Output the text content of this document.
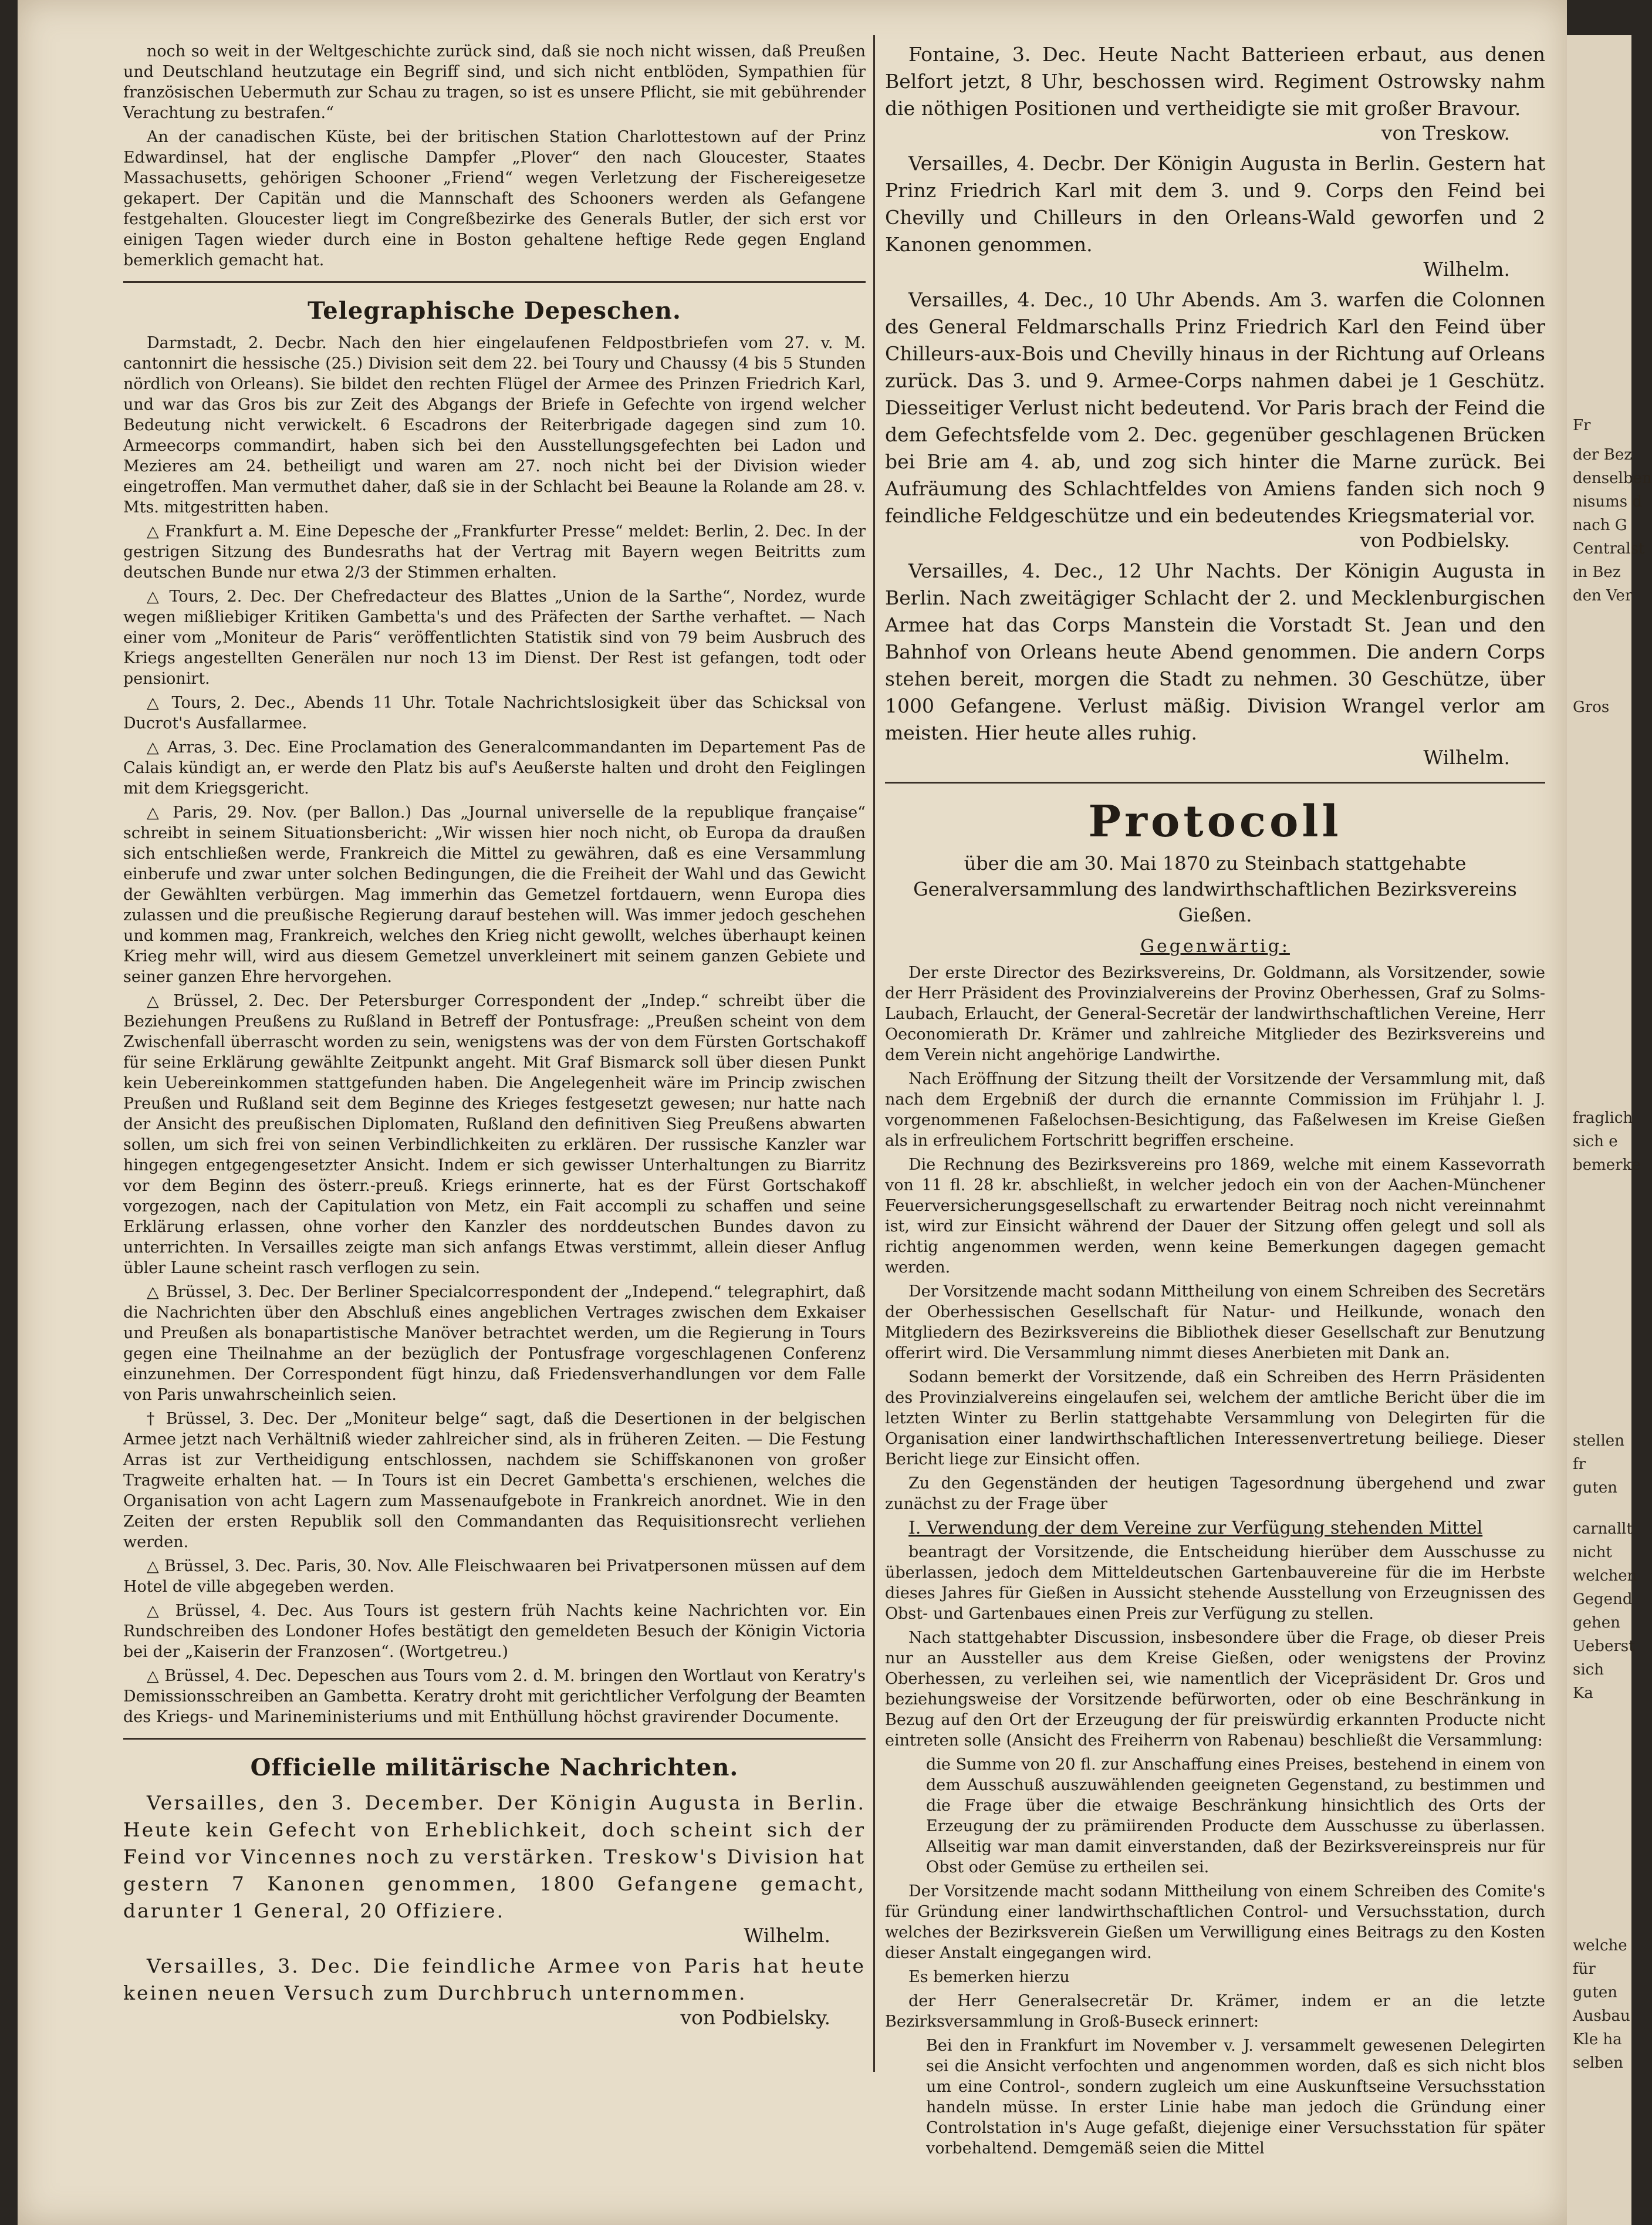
noch so weit in der Weltgeschichte zurück sind, daß sie noch nicht wissen, daß Preußen und Deutschland heutzutage ein Begriff sind, und sich nicht entblöden, Sympathien für französischen Uebermuth zur Schau zu tragen, so ist es unsere Pflicht, sie mit gebührender Verachtung zu bestrafen.“

An der canadischen Küste, bei der britischen Station Charlottestown auf der Prinz Edwardinsel, hat der englische Dampfer „Plover“ den nach Gloucester, Staates Massachusetts, gehörigen Schooner „Friend“ wegen Verletzung der Fischereigesetze gekapert. Der Capitän und die Mannschaft des Schooners werden als Gefangene festgehalten. Gloucester liegt im Congreßbezirke des Generals Butler, der sich erst vor einigen Tagen wieder durch eine in Boston gehaltene heftige Rede gegen England bemerklich gemacht hat.

Telegraphische Depeschen.

Darmstadt, 2. Decbr. Nach den hier eingelaufenen Feldpostbriefen vom 27. v. M. cantonnirt die hessische (25.) Division seit dem 22. bei Toury und Chaussy (4 bis 5 Stunden nördlich von Orleans). Sie bildet den rechten Flügel der Armee des Prinzen Friedrich Karl, und war das Gros bis zur Zeit des Abgangs der Briefe in Gefechte von irgend welcher Bedeutung nicht verwickelt. 6 Escadrons der Reiterbrigade dagegen sind zum 10. Armeecorps commandirt, haben sich bei den Ausstellungsgefechten bei Ladon und Mezieres am 24. betheiligt und waren am 27. noch nicht bei der Division wieder eingetroffen. Man vermuthet daher, daß sie in der Schlacht bei Beaune la Rolande am 28. v. Mts. mitgestritten haben.

△ Frankfurt a. M. Eine Depesche der „Frankfurter Presse“ meldet: Berlin, 2. Dec. In der gestrigen Sitzung des Bundesraths hat der Vertrag mit Bayern wegen Beitritts zum deutschen Bunde nur etwa 2/3 der Stimmen erhalten.

△ Tours, 2. Dec. Der Chefredacteur des Blattes „Union de la Sarthe“, Nordez, wurde wegen mißliebiger Kritiken Gambetta's und des Präfecten der Sarthe verhaftet. — Nach einer vom „Moniteur de Paris“ veröffentlichten Statistik sind von 79 beim Ausbruch des Kriegs angestellten Generälen nur noch 13 im Dienst. Der Rest ist gefangen, todt oder pensionirt.

△ Tours, 2. Dec., Abends 11 Uhr. Totale Nachrichtslosigkeit über das Schicksal von Ducrot's Ausfallarmee.

△ Arras, 3. Dec. Eine Proclamation des Generalcommandanten im Departement Pas de Calais kündigt an, er werde den Platz bis auf's Aeußerste halten und droht den Feiglingen mit dem Kriegsgericht.

△ Paris, 29. Nov. (per Ballon.) Das „Journal universelle de la republique française“ schreibt in seinem Situationsbericht: „Wir wissen hier noch nicht, ob Europa da draußen sich entschließen werde, Frankreich die Mittel zu gewähren, daß es eine Versammlung einberufe und zwar unter solchen Bedingungen, die die Freiheit der Wahl und das Gewicht der Gewählten verbürgen. Mag immerhin das Gemetzel fortdauern, wenn Europa dies zulassen und die preußische Regierung darauf bestehen will. Was immer jedoch geschehen und kommen mag, Frankreich, welches den Krieg nicht gewollt, welches überhaupt keinen Krieg mehr will, wird aus diesem Gemetzel unverkleinert mit seinem ganzen Gebiete und seiner ganzen Ehre hervorgehen.

△ Brüssel, 2. Dec. Der Petersburger Correspondent der „Indep.“ schreibt über die Beziehungen Preußens zu Rußland in Betreff der Pontusfrage: „Preußen scheint von dem Zwischenfall überrascht worden zu sein, wenigstens was der von dem Fürsten Gortschakoff für seine Erklärung gewählte Zeitpunkt angeht. Mit Graf Bismarck soll über diesen Punkt kein Uebereinkommen stattgefunden haben. Die Angelegenheit wäre im Princip zwischen Preußen und Rußland seit dem Beginne des Krieges festgesetzt gewesen; nur hatte nach der Ansicht des preußischen Diplomaten, Rußland den definitiven Sieg Preußens abwarten sollen, um sich frei von seinen Verbindlichkeiten zu erklären. Der russische Kanzler war hingegen entgegengesetzter Ansicht. Indem er sich gewisser Unterhaltungen zu Biarritz vor dem Beginn des österr.-preuß. Kriegs erinnerte, hat es der Fürst Gortschakoff vorgezogen, nach der Capitulation von Metz, ein Fait accompli zu schaffen und seine Erklärung erlassen, ohne vorher den Kanzler des norddeutschen Bundes davon zu unterrichten. In Versailles zeigte man sich anfangs Etwas verstimmt, allein dieser Anflug übler Laune scheint rasch verflogen zu sein.

△ Brüssel, 3. Dec. Der Berliner Specialcorrespondent der „Independ.“ telegraphirt, daß die Nachrichten über den Abschluß eines angeblichen Vertrages zwischen dem Exkaiser und Preußen als bonapartistische Manöver betrachtet werden, um die Regierung in Tours gegen eine Theilnahme an der bezüglich der Pontusfrage vorgeschlagenen Conferenz einzunehmen. Der Correspondent fügt hinzu, daß Friedensverhandlungen vor dem Falle von Paris unwahrscheinlich seien.

† Brüssel, 3. Dec. Der „Moniteur belge“ sagt, daß die Desertionen in der belgischen Armee jetzt nach Verhältniß wieder zahlreicher sind, als in früheren Zeiten. — Die Festung Arras ist zur Vertheidigung entschlossen, nachdem sie Schiffskanonen von großer Tragweite erhalten hat. — In Tours ist ein Decret Gambetta's erschienen, welches die Organisation von acht Lagern zum Massenaufgebote in Frankreich anordnet. Wie in den Zeiten der ersten Republik soll den Commandanten das Requisitionsrecht verliehen werden.

△ Brüssel, 3. Dec. Paris, 30. Nov. Alle Fleischwaaren bei Privatpersonen müssen auf dem Hotel de ville abgegeben werden.

△ Brüssel, 4. Dec. Aus Tours ist gestern früh Nachts keine Nachrichten vor. Ein Rundschreiben des Londoner Hofes bestätigt den gemeldeten Besuch der Königin Victoria bei der „Kaiserin der Franzosen“. (Wortgetreu.)

△ Brüssel, 4. Dec. Depeschen aus Tours vom 2. d. M. bringen den Wortlaut von Keratry's Demissionsschreiben an Gambetta. Keratry droht mit gerichtlicher Verfolgung der Beamten des Kriegs- und Marineministeriums und mit Enthüllung höchst gravirender Documente.

Officielle militärische Nachrichten.

Versailles, den 3. December. Der Königin Augusta in Berlin. Heute kein Gefecht von Erheblichkeit, doch scheint sich der Feind vor Vincennes noch zu verstärken. Treskow's Division hat gestern 7 Kanonen genommen, 1800 Gefangene gemacht, darunter 1 General, 20 Offiziere.
Wilhelm.

Versailles, 3. Dec. Die feindliche Armee von Paris hat heute keinen neuen Versuch zum Durchbruch unternommen.
von Podbielsky.

Fontaine, 3. Dec. Heute Nacht Batterieen erbaut, aus denen Belfort jetzt, 8 Uhr, beschossen wird. Regiment Ostrowsky nahm die nöthigen Positionen und vertheidigte sie mit großer Bravour.
von Treskow.

Versailles, 4. Decbr. Der Königin Augusta in Berlin. Gestern hat Prinz Friedrich Karl mit dem 3. und 9. Corps den Feind bei Chevilly und Chilleurs in den Orleans-Wald geworfen und 2 Kanonen genommen.
Wilhelm.

Versailles, 4. Dec., 10 Uhr Abends. Am 3. warfen die Colonnen des General Feldmarschalls Prinz Friedrich Karl den Feind über Chilleurs-aux-Bois und Chevilly hinaus in der Richtung auf Orleans zurück. Das 3. und 9. Armee-Corps nahmen dabei je 1 Geschütz. Diesseitiger Verlust nicht bedeutend. Vor Paris brach der Feind die dem Gefechtsfelde vom 2. Dec. gegenüber geschlagenen Brücken bei Brie am 4. ab, und zog sich hinter die Marne zurück. Bei Aufräumung des Schlachtfeldes von Amiens fanden sich noch 9 feindliche Feldgeschütze und ein bedeutendes Kriegsmaterial vor.
von Podbielsky.

Versailles, 4. Dec., 12 Uhr Nachts. Der Königin Augusta in Berlin. Nach zweitägiger Schlacht der 2. und Mecklenburgischen Armee hat das Corps Manstein die Vorstadt St. Jean und den Bahnhof von Orleans heute Abend genommen. Die andern Corps stehen bereit, morgen die Stadt zu nehmen. 30 Geschütze, über 1000 Gefangene. Verlust mäßig. Division Wrangel verlor am meisten. Hier heute alles ruhig.
Wilhelm.

Protocoll
über die am 30. Mai 1870 zu Steinbach stattgehabte Generalversammlung des landwirthschaftlichen Bezirksvereins Gießen.
Gegenwärtig:

Der erste Director des Bezirksvereins, Dr. Goldmann, als Vorsitzender, sowie der Herr Präsident des Provinzialvereins der Provinz Oberhessen, Graf zu Solms-Laubach, Erlaucht, der General-Secretär der landwirthschaftlichen Vereine, Herr Oeconomierath Dr. Krämer und zahlreiche Mitglieder des Bezirksvereins und dem Verein nicht angehörige Landwirthe.

Nach Eröffnung der Sitzung theilt der Vorsitzende der Versammlung mit, daß nach dem Ergebniß der durch die ernannte Commission im Frühjahr l. J. vorgenommenen Faßelochsen-Besichtigung, das Faßelwesen im Kreise Gießen als in erfreulichem Fortschritt begriffen erscheine.

Die Rechnung des Bezirksvereins pro 1869, welche mit einem Kassevorrath von 11 fl. 28 kr. abschließt, in welcher jedoch ein von der Aachen-Münchener Feuerversicherungsgesellschaft zu erwartender Beitrag noch nicht vereinnahmt ist, wird zur Einsicht während der Dauer der Sitzung offen gelegt und soll als richtig angenommen werden, wenn keine Bemerkungen dagegen gemacht werden.

Der Vorsitzende macht sodann Mittheilung von einem Schreiben des Secretärs der Oberhessischen Gesellschaft für Natur- und Heilkunde, wonach den Mitgliedern des Bezirksvereins die Bibliothek dieser Gesellschaft zur Benutzung offerirt wird. Die Versammlung nimmt dieses Anerbieten mit Dank an.

Sodann bemerkt der Vorsitzende, daß ein Schreiben des Herrn Präsidenten des Provinzialvereins eingelaufen sei, welchem der amtliche Bericht über die im letzten Winter zu Berlin stattgehabte Versammlung von Delegirten für die Organisation einer landwirthschaftlichen Interessenvertretung beiliege. Dieser Bericht liege zur Einsicht offen.

Zu den Gegenständen der heutigen Tagesordnung übergehend und zwar zunächst zu der Frage über

I. Verwendung der dem Vereine zur Verfügung stehenden Mittel

beantragt der Vorsitzende, die Entscheidung hierüber dem Ausschusse zu überlassen, jedoch dem Mitteldeutschen Gartenbauvereine für die im Herbste dieses Jahres für Gießen in Aussicht stehende Ausstellung von Erzeugnissen des Obst- und Gartenbaues einen Preis zur Verfügung zu stellen.

Nach stattgehabter Discussion, insbesondere über die Frage, ob dieser Preis nur an Aussteller aus dem Kreise Gießen, oder wenigstens der Provinz Oberhessen, zu verleihen sei, wie namentlich der Vicepräsident Dr. Gros und beziehungsweise der Vorsitzende befürworten, oder ob eine Beschränkung in Bezug auf den Ort der Erzeugung der für preiswürdig erkannten Producte nicht eintreten solle (Ansicht des Freiherrn von Rabenau) beschließt die Versammlung:

die Summe von 20 fl. zur Anschaffung eines Preises, bestehend in einem von dem Ausschuß auszuwählenden geeigneten Gegenstand, zu bestimmen und die Frage über die etwaige Beschränkung hinsichtlich des Orts der Erzeugung der zu prämiirenden Producte dem Ausschusse zu überlassen. Allseitig war man damit einverstanden, daß der Bezirksvereinspreis nur für Obst oder Gemüse zu ertheilen sei.

Der Vorsitzende macht sodann Mittheilung von einem Schreiben des Comite's für Gründung einer landwirthschaftlichen Control- und Versuchsstation, durch welches der Bezirksverein Gießen um Verwilligung eines Beitrags zu den Kosten dieser Anstalt eingegangen wird.

Es bemerken hierzu

der Herr Generalsecretär Dr. Krämer, indem er an die letzte Bezirksversammlung in Groß-Buseck erinnert:

Bei den in Frankfurt im November v. J. versammelt gewesenen Delegirten sei die Ansicht verfochten und angenommen worden, daß es sich nicht blos um eine Control-, sondern zugleich um eine Auskunftseine Versuchsstation handeln müsse. In erster Linie habe man jedoch die Gründung einer Controlstation in's Auge gefaßt, diejenige einer Versuchsstation für später vorbehaltend. Demgemäß seien die Mittel

Fr
der Bez
denselben
nisums d
nach G
Centralst
in Bez
den Ver
Gros
fraglich
sich e
bemerke
stellen
fr
guten
carnallt
nicht
welchen
Gegend
gehen
Ueberst
sich
Ka
welche
für
guten
Ausbau
Kle ha
selben
